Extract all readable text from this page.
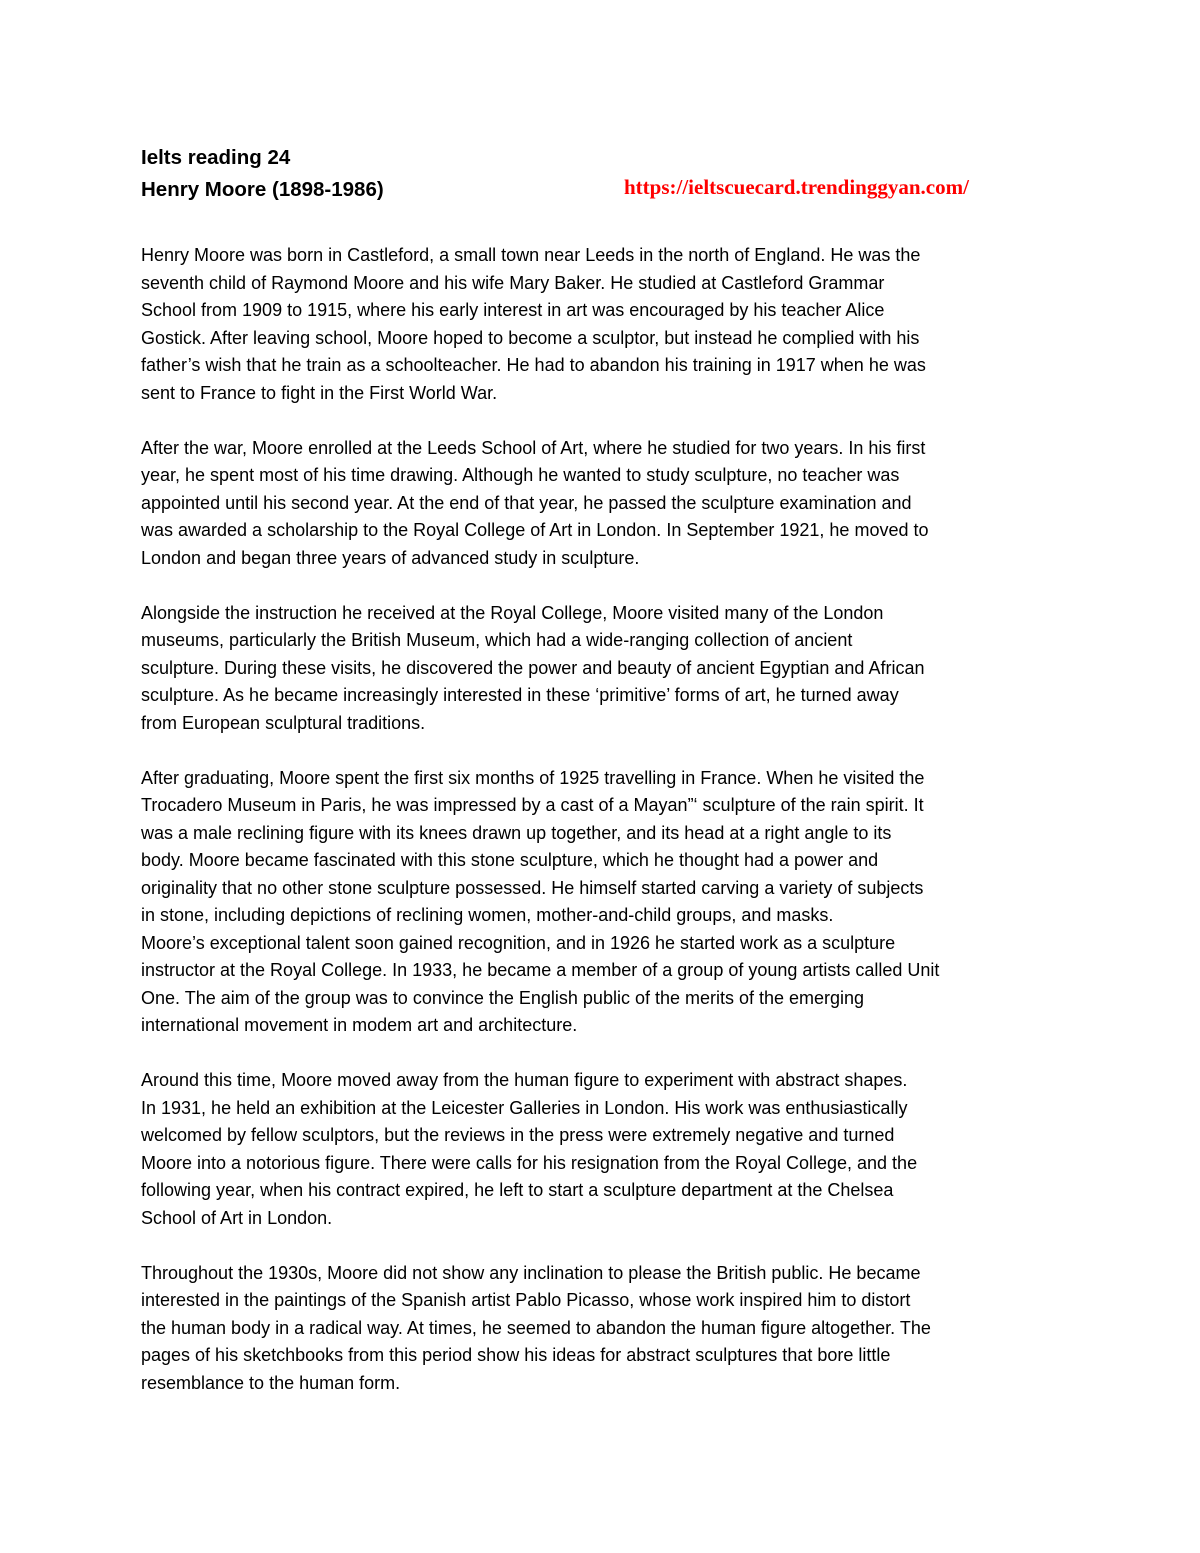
Ielts reading 24
Henry Moore (1898-1986)	https://ieltscuecard.trendinggyan.com/

Henry Moore was born in Castleford, a small town near Leeds in the north of England. He was the
seventh child of Raymond Moore and his wife Mary Baker. He studied at Castleford Grammar
School from 1909 to 1915, where his early interest in art was encouraged by his teacher Alice
Gostick. After leaving school, Moore hoped to become a sculptor, but instead he complied with his
father’s wish that he train as a schoolteacher. He had to abandon his training in 1917 when he was
sent to France to fight in the First World War.

After the war, Moore enrolled at the Leeds School of Art, where he studied for two years. In his first
year, he spent most of his time drawing. Although he wanted to study sculpture, no teacher was
appointed until his second year. At the end of that year, he passed the sculpture examination and
was awarded a scholarship to the Royal College of Art in London. In September 1921, he moved to
London and began three years of advanced study in sculpture.

Alongside the instruction he received at the Royal College, Moore visited many of the London
museums, particularly the British Museum, which had a wide-ranging collection of ancient
sculpture. During these visits, he discovered the power and beauty of ancient Egyptian and African
sculpture. As he became increasingly interested in these ‘primitive’ forms of art, he turned away
from European sculptural traditions.

After graduating, Moore spent the first six months of 1925 travelling in France. When he visited the
Trocadero Museum in Paris, he was impressed by a cast of a Mayan”‘ sculpture of the rain spirit. It
was a male reclining figure with its knees drawn up together, and its head at a right angle to its
body. Moore became fascinated with this stone sculpture, which he thought had a power and
originality that no other stone sculpture possessed. He himself started carving a variety of subjects
in stone, including depictions of reclining women, mother-and-child groups, and masks.
Moore’s exceptional talent soon gained recognition, and in 1926 he started work as a sculpture
instructor at the Royal College. In 1933, he became a member of a group of young artists called Unit
One. The aim of the group was to convince the English public of the merits of the emerging
international movement in modem art and architecture.

Around this time, Moore moved away from the human figure to experiment with abstract shapes.
In 1931, he held an exhibition at the Leicester Galleries in London. His work was enthusiastically
welcomed by fellow sculptors, but the reviews in the press were extremely negative and turned
Moore into a notorious figure. There were calls for his resignation from the Royal College, and the
following year, when his contract expired, he left to start a sculpture department at the Chelsea
School of Art in London.

Throughout the 1930s, Moore did not show any inclination to please the British public. He became
interested in the paintings of the Spanish artist Pablo Picasso, whose work inspired him to distort
the human body in a radical way. At times, he seemed to abandon the human figure altogether. The
pages of his sketchbooks from this period show his ideas for abstract sculptures that bore little
resemblance to the human form.
